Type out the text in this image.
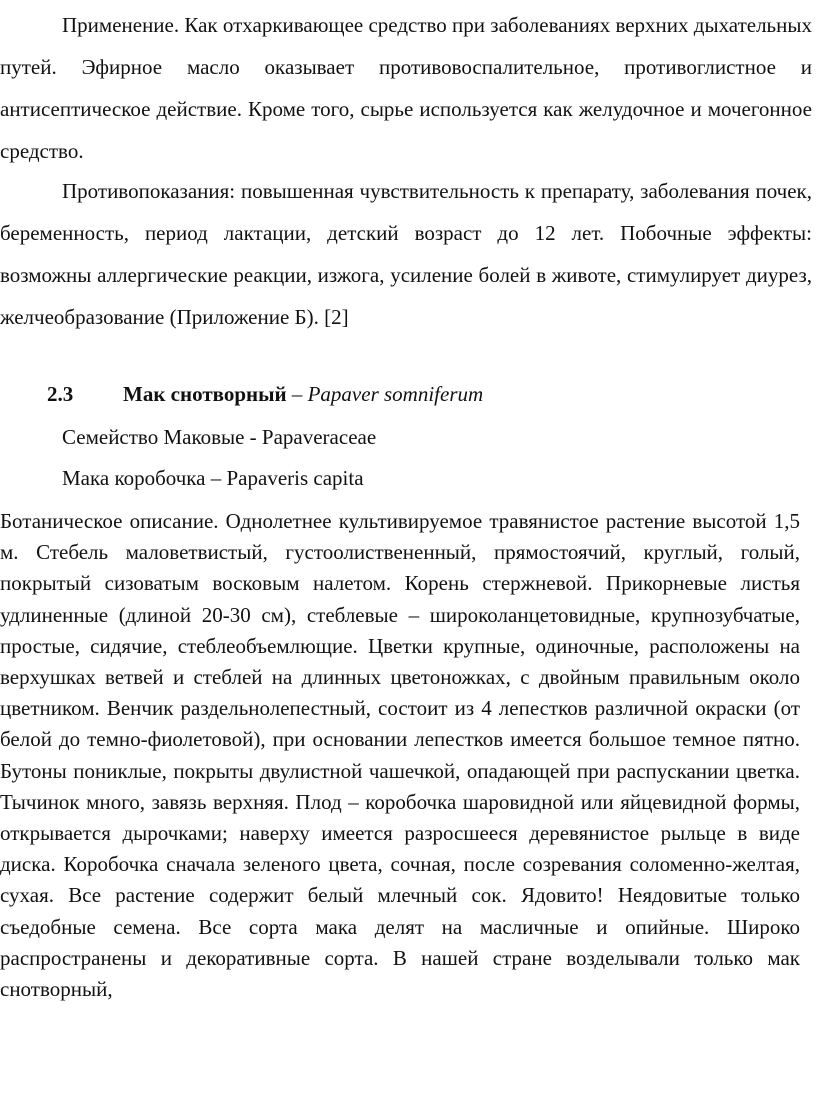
Применение. Как отхаркивающее средство при заболеваниях верхних дыхательных путей. Эфирное масло оказывает противовоспалительное, противоглистное и антисептическое действие. Кроме того, сырье используется как желудочное и мочегонное средство.

Противопоказания: повышенная чувствительность к препарату, заболевания почек, беременность, период лактации, детский возраст до 12 лет. Побочные эффекты: возможны аллергические реакции, изжога, усиление болей в животе, стимулирует диурез, желчеобразование (Приложение Б). [2]

2.3 Мак снотворный – Papaver somniferum
Семейство Маковые - Papaveraceae
Мака коробочка – Papaveris capita

Ботаническое описание. Однолетнее культивируемое травянистое растение высотой 1,5 м. Стебель маловетвистый, густоолиствененный, прямостоячий, круглый, голый, покрытый сизоватым восковым налетом. Корень стержневой. Прикорневые листья удлиненные (длиной 20-30 см), стеблевые – широколанцетовидные, крупнозубчатые, простые, сидячие, стеблеобъемлющие. Цветки крупные, одиночные, расположены на верхушках ветвей и стеблей на длинных цветоножках, с двойным правильным около цветником. Венчик раздельнолепестный, состоит из 4 лепестков различной окраски (от белой до темно-фиолетовой), при основании лепестков имеется большое темное пятно. Бутоны пониклые, покрыты двулистной чашечкой, опадающей при распускании цветка. Тычинок много, завязь верхняя. Плод – коробочка шаровидной или яйцевидной формы, открывается дырочками; наверху имеется разросшееся деревянистое рыльце в виде диска. Коробочка сначала зеленого цвета, сочная, после созревания соломенно-желтая, сухая. Все растение содержит белый млечный сок. Ядовито! Неядовитые только съедобные семена. Все сорта мака делят на масличные и опийные. Широко распространены и декоративные сорта. В нашей стране возделывали только мак снотворный,
